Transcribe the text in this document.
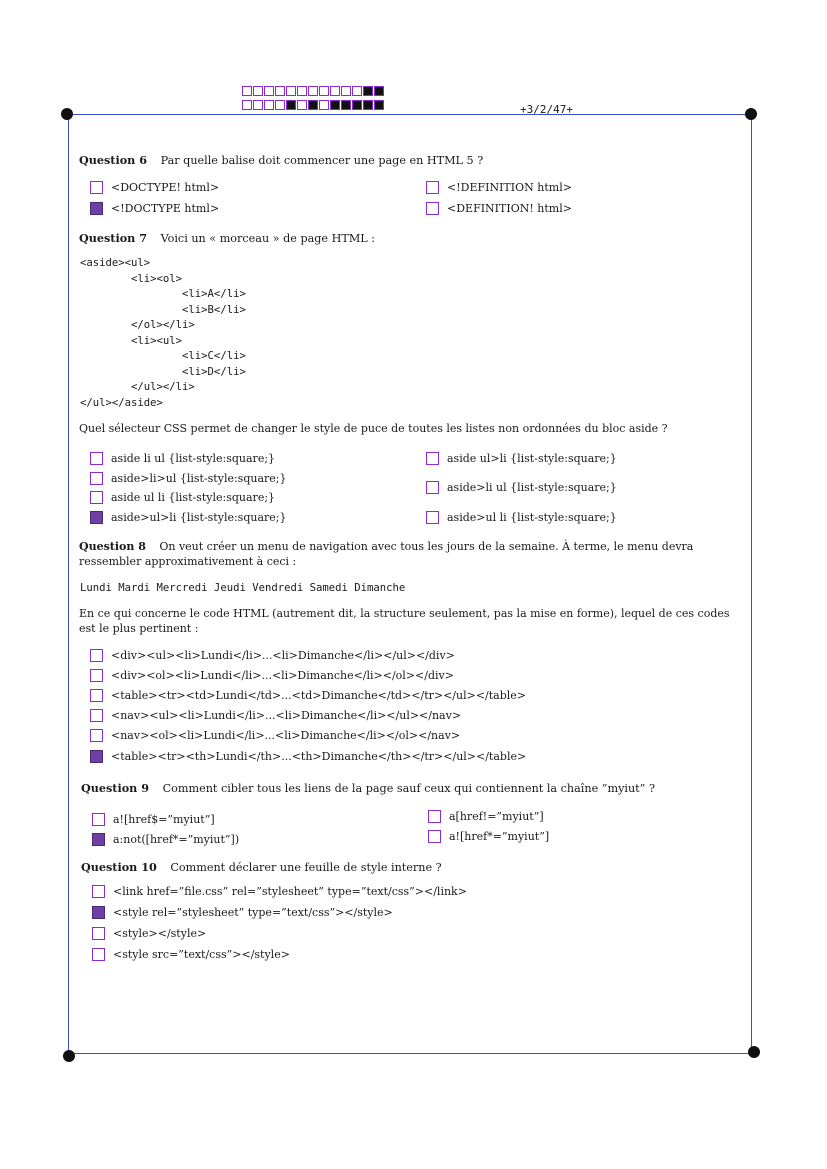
+3/2/47+
Question 6 Par quelle balise doit commencer une page en HTML 5 ?
<DOCTYPE! html>
<!DOCTYPE html>
<!DEFINITION html>
<DEFINITION! html>
Question 7 Voici un « morceau » de page HTML :
<aside><ul>
<li><ol>
<li>A</li>
<li>B</li>
</ol></li>
<li><ul>
<li>C</li>
<li>D</li>
</ul></li>
</ul></aside>
Quel sélecteur CSS permet de changer le style de puce de toutes les listes non ordonnées du bloc aside ?
aside li ul {list-style:square;}
aside>li>ul {list-style:square;}
aside ul li {list-style:square;}
aside>ul>li {list-style:square;}
aside ul>li {list-style:square;}
aside>li ul {list-style:square;}
aside>ul li {list-style:square;}
Question 8 On veut créer un menu de navigation avec tous les jours de la semaine. À terme, le menu devra ressembler approximativement à ceci :
Lundi Mardi Mercredi Jeudi Vendredi Samedi Dimanche
En ce qui concerne le code HTML (autrement dit, la structure seulement, pas la mise en forme), lequel de ces codes est le plus pertinent :
<div><ul><li>Lundi</li>...<li>Dimanche</li></ul></div>
<div><ol><li>Lundi</li>...<li>Dimanche</li></ol></div>
<table><tr><td>Lundi</td>...<td>Dimanche</td></tr></ul></table>
<nav><ul><li>Lundi</li>...<li>Dimanche</li></ul></nav>
<nav><ol><li>Lundi</li>...<li>Dimanche</li></ol></nav>
<table><tr><th>Lundi</th>...<th>Dimanche</th></tr></ul></table>
Question 9 Comment cibler tous les liens de la page sauf ceux qui contiennent la chaîne ”myiut” ?
a![href$=”myiut”]
a:not([href*=”myiut”])
a[href!=”myiut”]
a![href*=”myiut”]
Question 10 Comment déclarer une feuille de style interne ?
<link href=”file.css” rel=”stylesheet” type=”text/css”></link>
<style rel=”stylesheet” type=”text/css”></style>
<style></style>
<style src=”text/css”></style>
